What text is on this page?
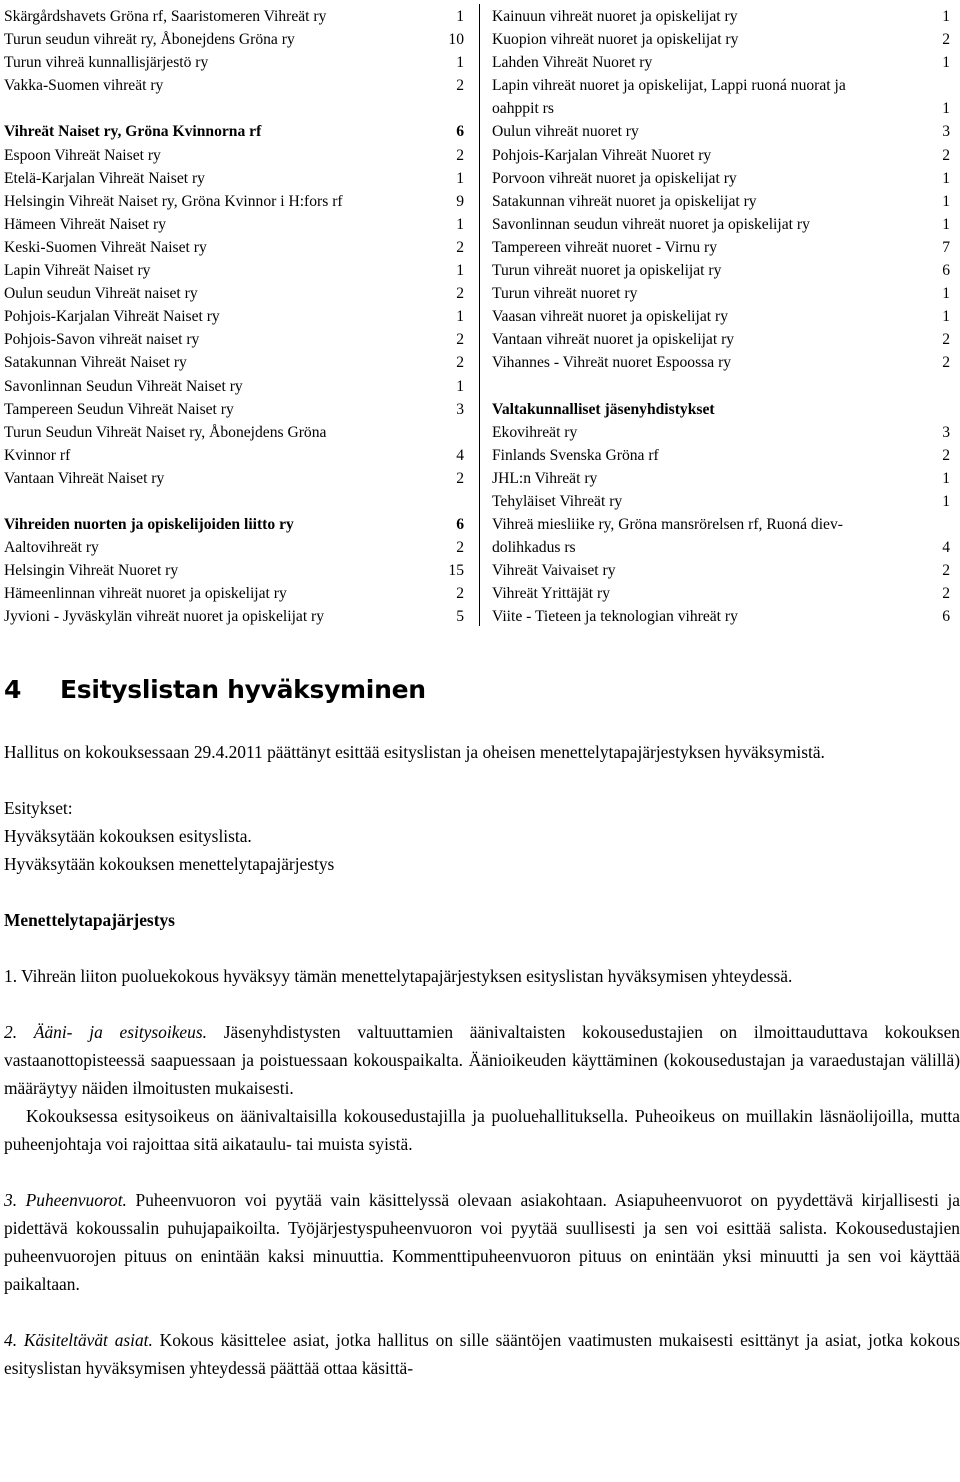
Skärgårdshavets Gröna rf, Saaristomeren Vihreät ry	1
Turun seudun vihreät ry, Åbonejdens Gröna ry	10
Turun vihreä kunnallisjärjestö ry	1
Vakka-Suomen vihreät ry	2
Vihreät Naiset ry, Gröna Kvinnorna rf	6
Espoon Vihreät Naiset ry	2
Etelä-Karjalan Vihreät Naiset ry	1
Helsingin Vihreät Naiset ry, Gröna Kvinnor i H:fors rf	9
Hämeen Vihreät Naiset ry	1
Keski-Suomen Vihreät Naiset ry	2
Lapin Vihreät Naiset ry	1
Oulun seudun Vihreät naiset ry	2
Pohjois-Karjalan Vihreät Naiset ry	1
Pohjois-Savon vihreät naiset ry	2
Satakunnan Vihreät Naiset ry	2
Savonlinnan Seudun Vihreät Naiset ry	1
Tampereen Seudun Vihreät Naiset ry	3
Turun Seudun Vihreät Naiset ry, Åbonejdens Gröna
Kvinnor rf	4
Vantaan Vihreät Naiset ry	2
Vihreiden nuorten ja opiskelijoiden liitto ry	6
Aaltovihreät ry	2
Helsingin Vihreät Nuoret ry	15
Hämeenlinnan vihreät nuoret ja opiskelijat ry	2
Jyvioni - Jyväskylän vihreät nuoret ja opiskelijat ry	5
Kainuun vihreät nuoret ja opiskelijat ry	1
Kuopion vihreät nuoret ja opiskelijat ry	2
Lahden Vihreät Nuoret ry	1
Lapin vihreät nuoret ja opiskelijat, Lappi ruoná nuorat ja
oahppit rs	1
Oulun vihreät nuoret ry	3
Pohjois-Karjalan Vihreät Nuoret ry	2
Porvoon vihreät nuoret ja opiskelijat ry	1
Satakunnan vihreät nuoret ja opiskelijat ry	1
Savonlinnan seudun vihreät nuoret ja opiskelijat ry	1
Tampereen vihreät nuoret - Virnu ry	7
Turun vihreät nuoret ja opiskelijat ry	6
Turun vihreät nuoret ry	1
Vaasan vihreät nuoret ja opiskelijat ry	1
Vantaan vihreät nuoret ja opiskelijat ry	2
Vihannes - Vihreät nuoret Espoossa ry	2
Valtakunnalliset jäsenyhdistykset
Ekovihreät ry	3
Finlands Svenska Gröna rf	2
JHL:n Vihreät ry	1
Tehyläiset Vihreät ry	1
Vihreä miesliike ry, Gröna mansrörelsen rf, Ruoná diev-
dolihkadus rs	4
Vihreät Vaivaiset ry	2
Vihreät Yrittäjät ry	2
Viite - Tieteen ja teknologian vihreät ry	6
4 Esityslistan hyväksyminen

Hallitus on kokouksessaan 29.4.2011 päättänyt esittää esityslistan ja oheisen menettelytapajärjestyksen hyväksymistä.

Esitykset:

Hyväksytään kokouksen esityslista.

Hyväksytään kokouksen menettelytapajärjestys

Menettelytapajärjestys

1. Vihreän liiton puoluekokous hyväksyy tämän menettelytapajärjestyksen esityslistan hyväksymisen yhteydessä.

2. Ääni- ja esitysoikeus. Jäsenyhdistysten valtuuttamien äänivaltaisten kokousedustajien on ilmoittauduttava kokouksen vastaanottopisteessä saapuessaan ja poistuessaan kokouspaikalta. Äänioikeuden käyttäminen (kokousedustajan ja varaedustajan välillä) määräytyy näiden ilmoitusten mukaisesti.

Kokouksessa esitysoikeus on äänivaltaisilla kokousedustajilla ja puoluehallituksella. Puheoikeus on muillakin läsnäolijoilla, mutta puheenjohtaja voi rajoittaa sitä aikataulu- tai muista syistä.

3. Puheenvuorot. Puheenvuoron voi pyytää vain käsittelyssä olevaan asiakohtaan. Asiapuheenvuorot on pyydettävä kirjallisesti ja pidettävä kokoussalin puhujapaikoilta. Työjärjestyspuheenvuoron voi pyytää suullisesti ja sen voi esittää salista. Kokousedustajien puheenvuorojen pituus on enintään kaksi minuuttia. Kommenttipuheenvuoron pituus on enintään yksi minuutti ja sen voi käyttää paikaltaan.

4. Käsiteltävät asiat. Kokous käsittelee asiat, jotka hallitus on sille sääntöjen vaatimusten mukaisesti esittänyt ja asiat, jotka kokous esityslistan hyväksymisen yhteydessä päättää ottaa käsittä-
